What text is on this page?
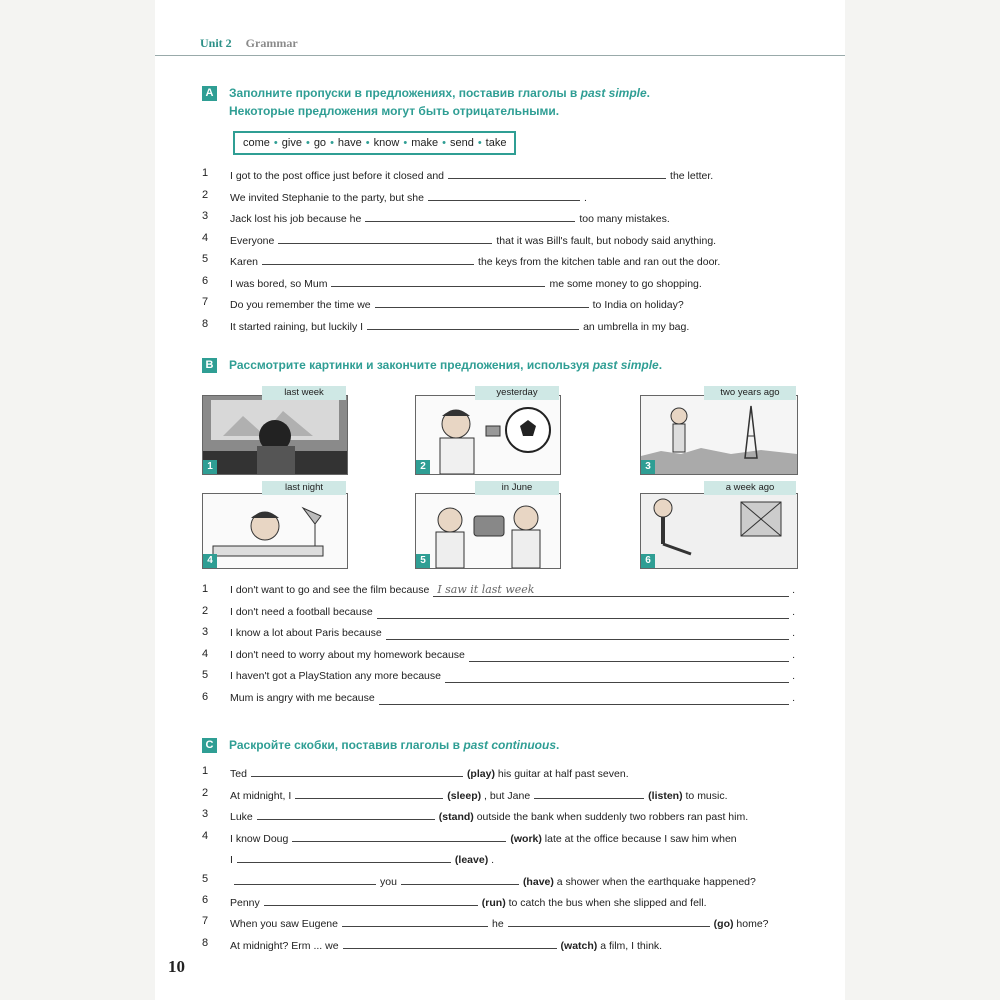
Unit 2 Grammar
A Заполните пропуски в предложениях, поставив глаголы в past simple.
Некоторые предложения могут быть отрицательными.
come • give • go • have • know • make • send • take
1 I got to the post office just before it closed and	the letter.
2 We invited Stephanie to the party, but she	.
3 Jack lost his job because he	too many mistakes.
4 Everyone	that it was Bill's fault, but nobody said anything.
5 Karen	the keys from the kitchen table and ran out the door.
6 I was bored, so Mum	me some money to go shopping.
7 Do you remember the time we	to India on holiday?
8 It started raining, but luckily I	an umbrella in my bag.
B Рассмотрите картинки и закончите предложения, используя past simple.
1
last week
2
yesterday
3
two years ago
4
last night
5
in June
6
a week ago
1 I don't want to go and see the film because I saw it last week	.
2 I don't need a football because	.
3 I know a lot about Paris because	.
4 I don't need to worry about my homework because	.
5 I haven't got a PlayStation any more because	.
6 Mum is angry with me because	.
C Раскройте скобки, поставив глаголы в past continuous.
1 Ted	(play) his guitar at half past seven.
2 At midnight, I	(sleep) , but Jane	(listen) to music.
3 Luke	(stand) outside the bank when suddenly two robbers ran past him.
4 I know Doug	(work) late at the office because I saw him when
I	(leave) .
5	you	(have) a shower when the earthquake happened?
6 Penny	(run) to catch the bus when she slipped and fell.
7 When you saw Eugene	he	(go) home?
8 At midnight? Erm ... we	(watch) a film, I think.
10
